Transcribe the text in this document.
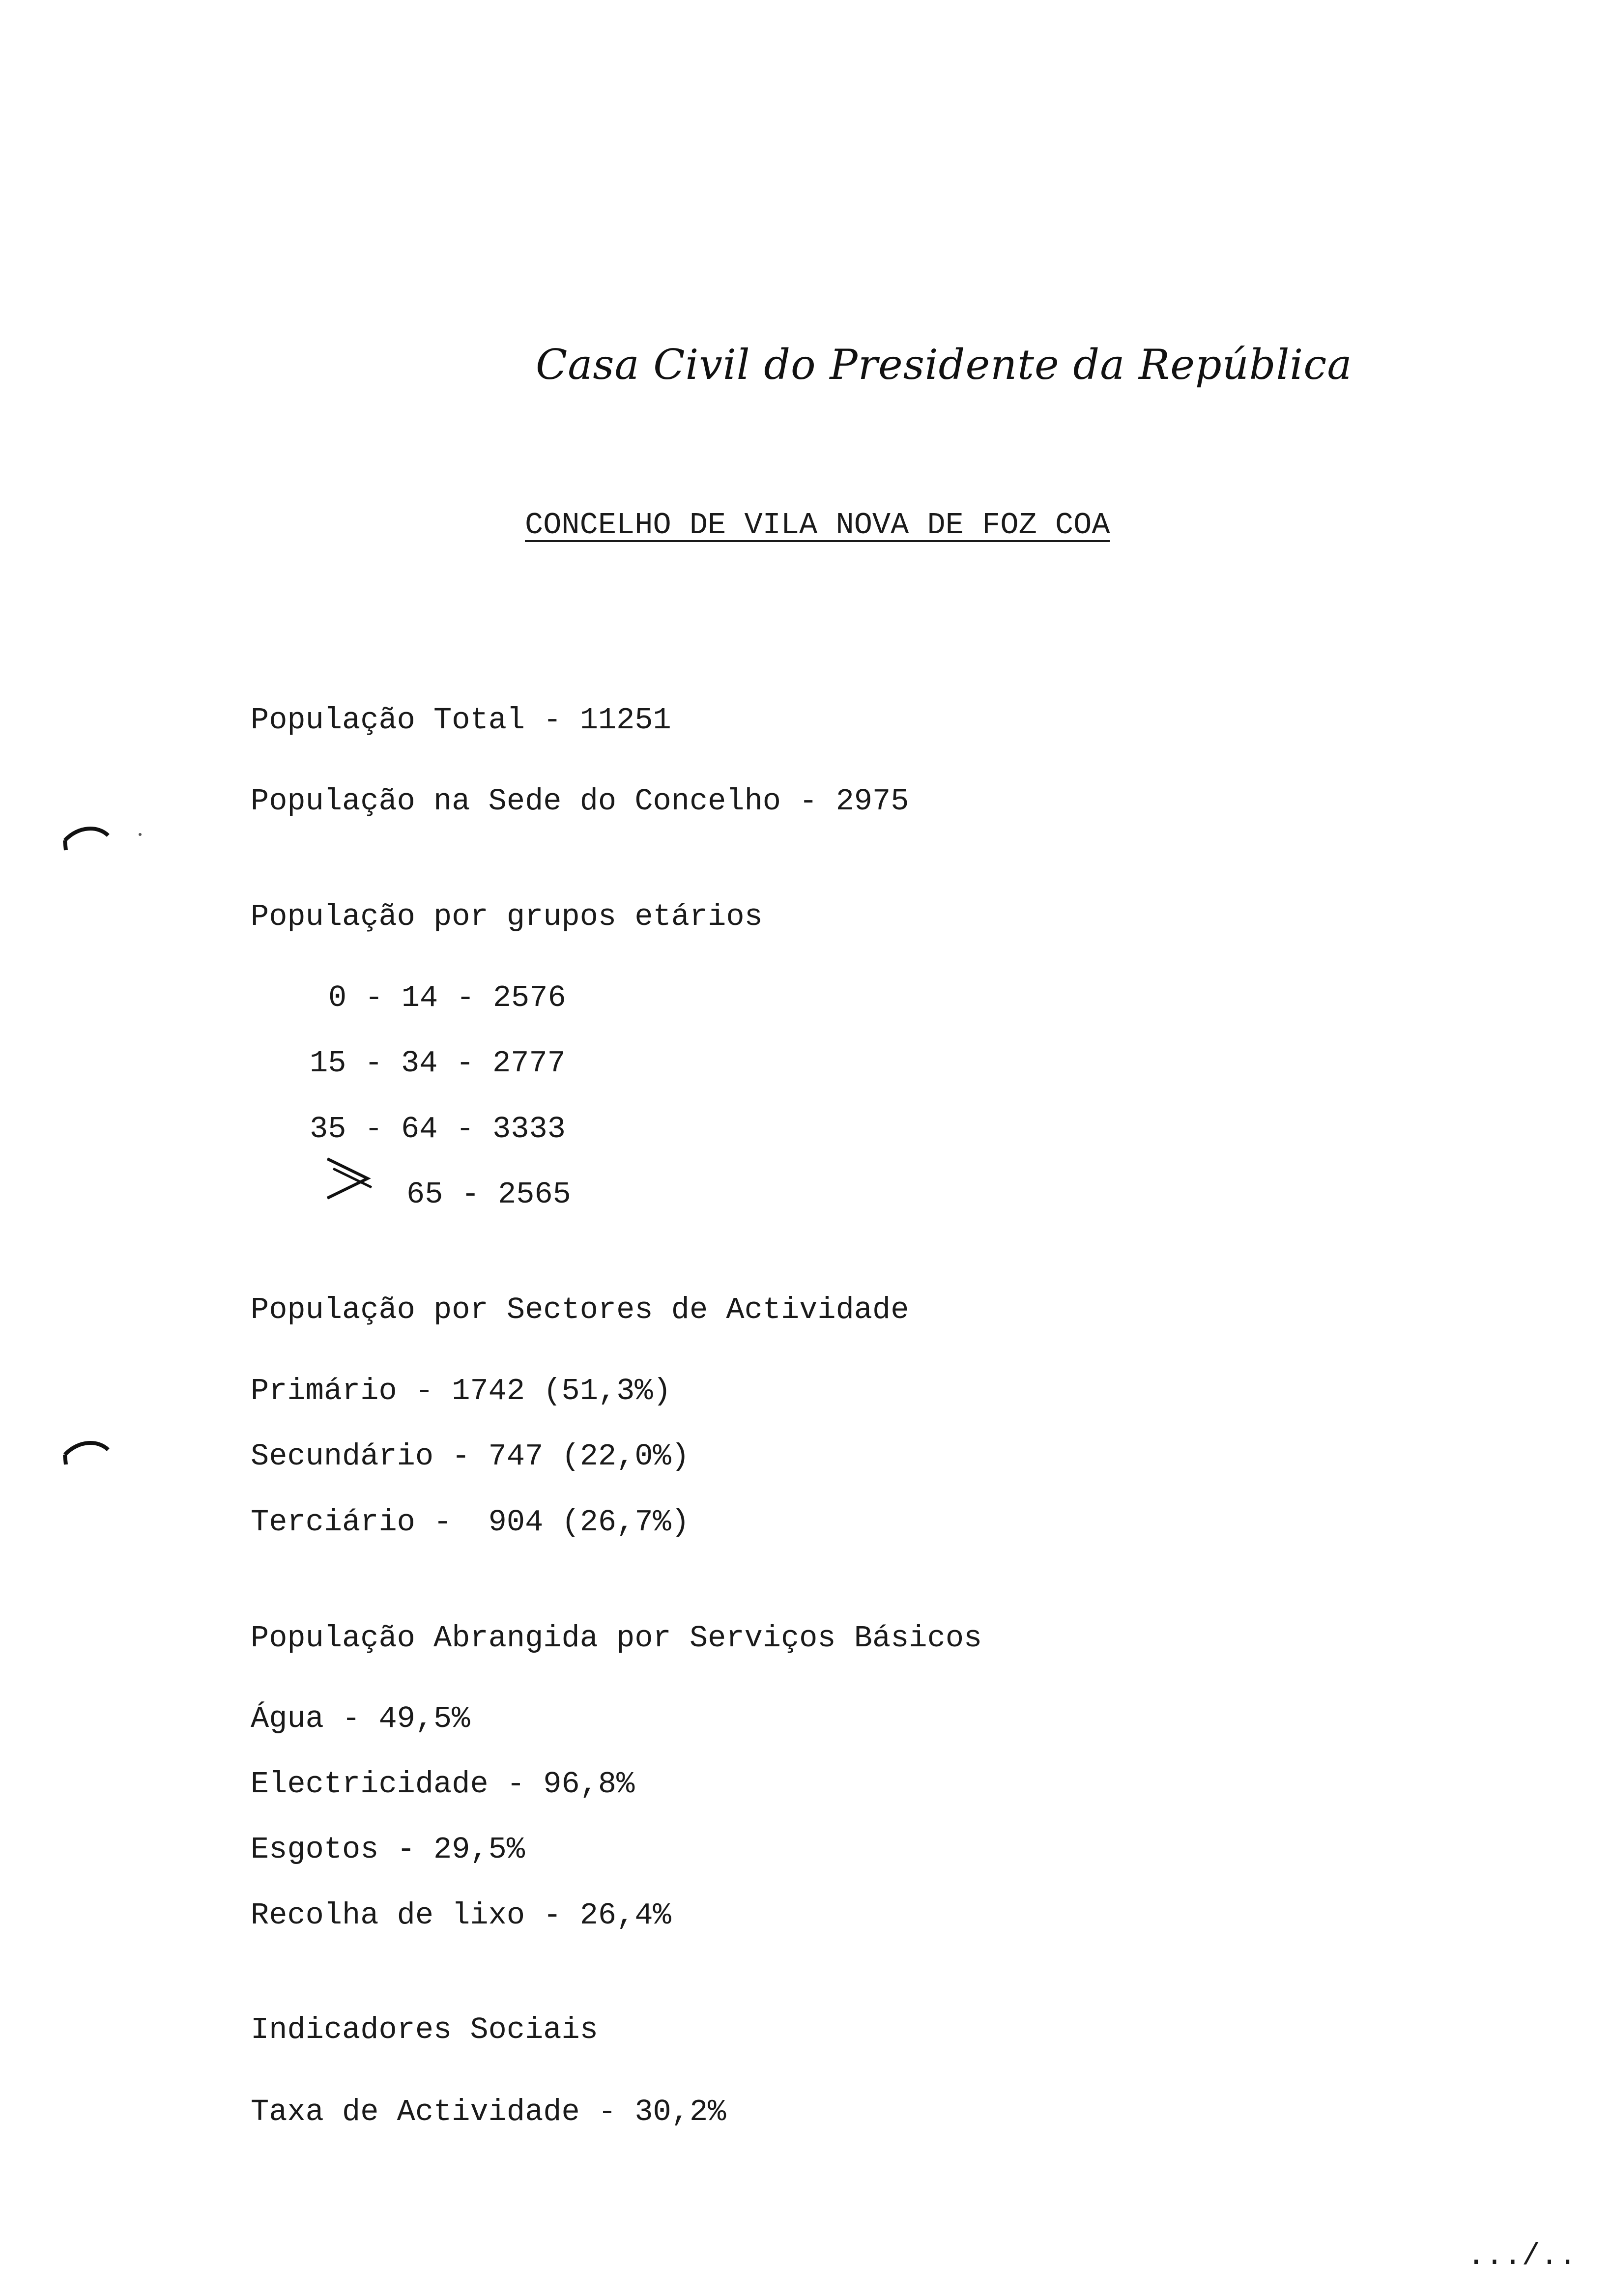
Casa Civil do Presidente da República
CONCELHO DE VILA NOVA DE FOZ COA
População Total - 11251
População na Sede do Concelho - 2975
População por grupos etários
0 - 14 - 2576
15 - 34 - 2777
35 - 64 - 3333
65 - 2565
População por Sectores de Actividade
Primário - 1742 (51,3%)
Secundário - 747 (22,0%)
Terciário -  904 (26,7%)
População Abrangida por Serviços Básicos
Água - 49,5%
Electricidade - 96,8%
Esgotos - 29,5%
Recolha de lixo - 26,4%
Indicadores Sociais
Taxa de Actividade - 30,2%
.../..
